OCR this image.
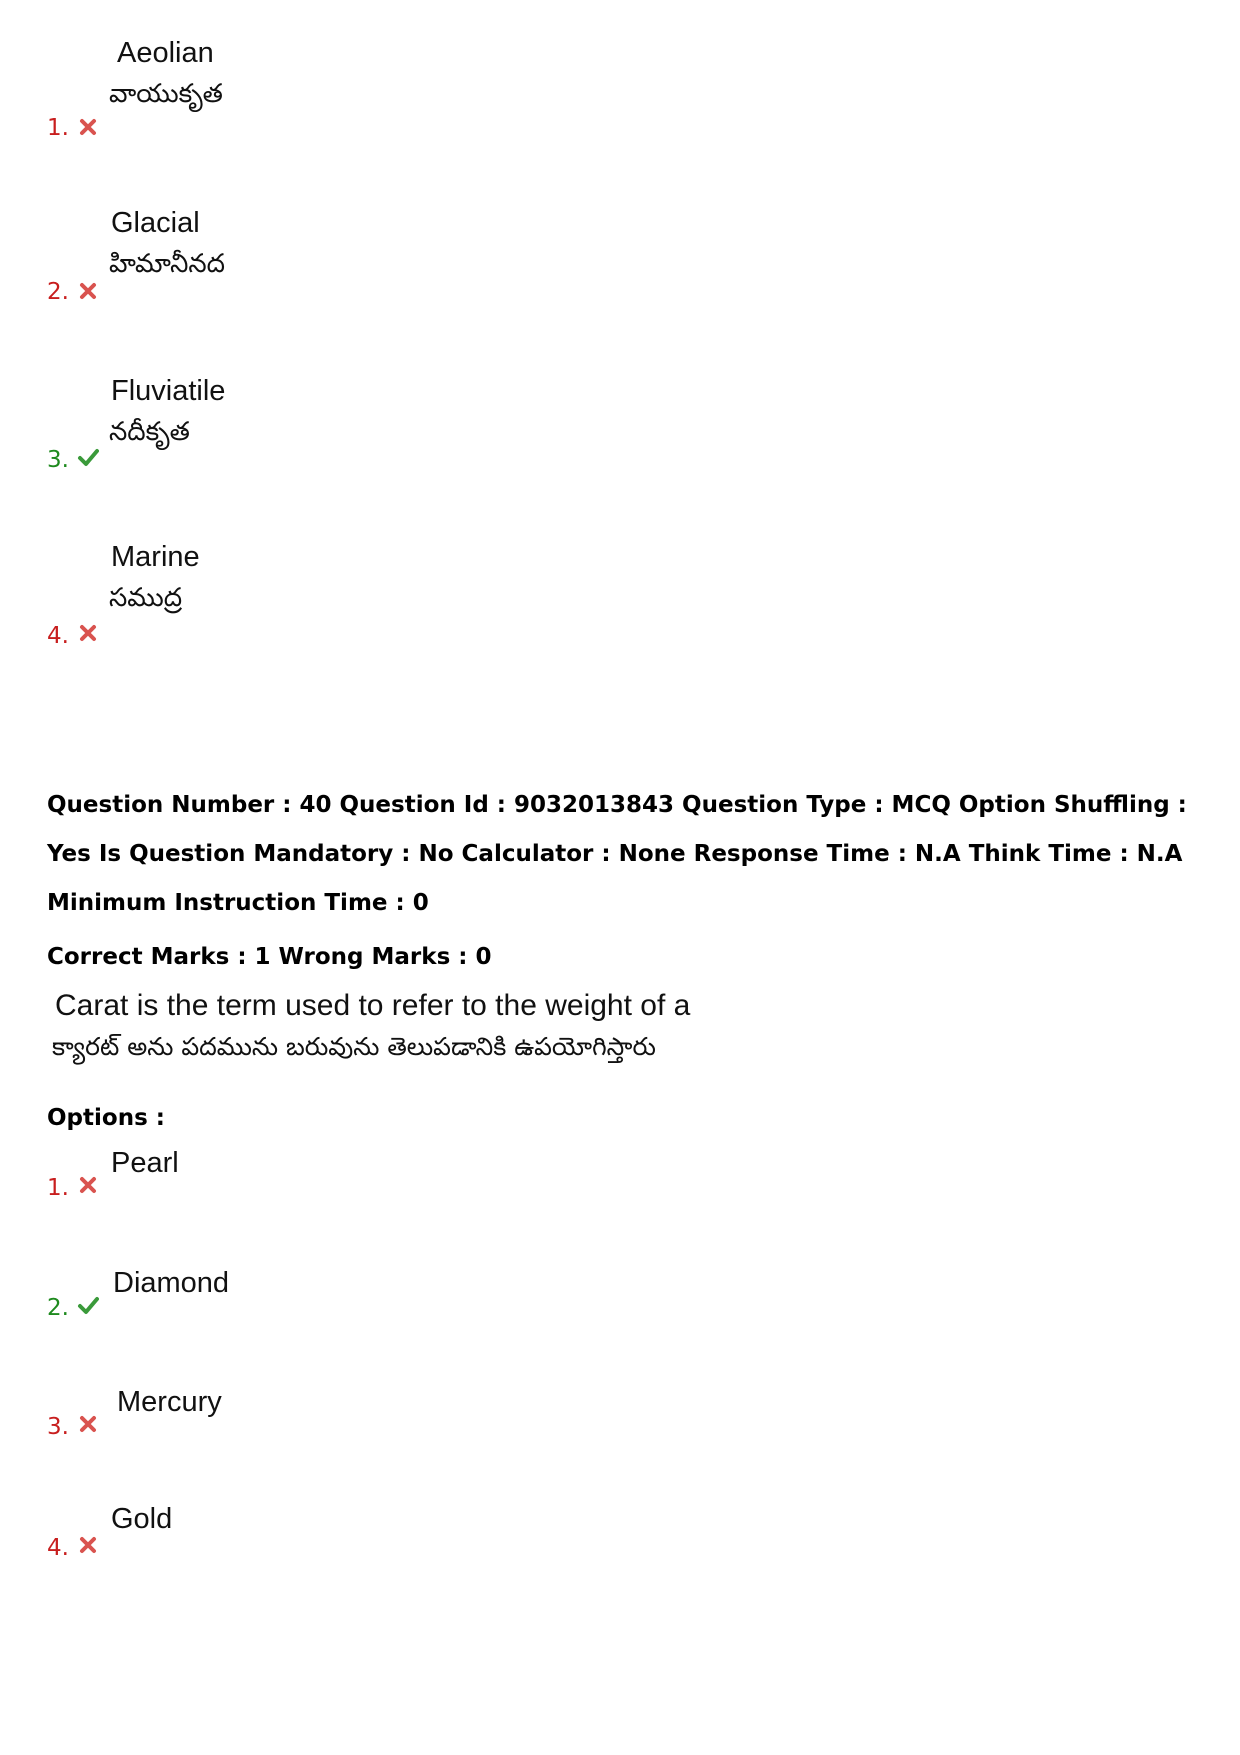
Aeolian
వాయుకృత
1.
Glacial
హిమానీనద
2.
Fluviatile
నదీకృత
3.
Marine
సముద్ర
4.
Question Number : 40 Question Id : 9032013843 Question Type : MCQ Option Shuffling : Yes Is Question Mandatory : No Calculator : None Response Time : N.A Think Time : N.A Minimum Instruction Time : 0
Correct Marks : 1 Wrong Marks : 0
Carat is the term used to refer to the weight of a
క్యారట్ అను పదమును బరువును తెలుపడానికి ఉపయోగిస్తారు
Options :
Pearl
1.
Diamond
2.
Mercury
3.
Gold
4.
